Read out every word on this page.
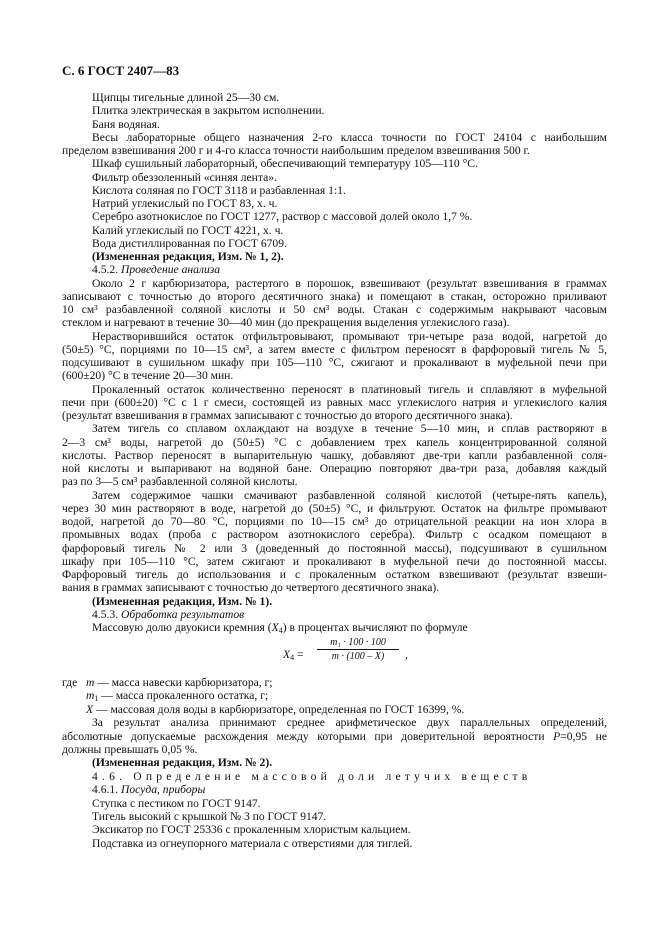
С. 6 ГОСТ 2407—83
Щипцы тигельные длиной 25—30 см.
Плитка электрическая в закрытом исполнении.
Баня водяная.
Весы лабораторные общего назначения 2-го класса точности по ГОСТ 24104 с наибольшим
пределом взвешивания 200 г и 4-го класса точности наибольшим пределом взвешивания 500 г.
Шкаф сушильный лабораторный, обеспечивающий температуру 105—110 °С.
Фильтр обеззоленный «синяя лента».
Кислота соляная по ГОСТ 3118 и разбавленная 1:1.
Натрий углекислый по ГОСТ 83, х. ч.
Серебро азотнокислое по ГОСТ 1277, раствор с массовой долей около 1,7 %.
Калий углекислый по ГОСТ 4221, х. ч.
Вода дистиллированная по ГОСТ 6709.
(Измененная редакция, Изм. № 1, 2).
4.5.2. Проведение анализа
Около 2 г карбюризатора, растертого в порошок, взвешивают (результат взвешивания в граммах
записывают с точностью до второго десятичного знака) и помещают в стакан, осторожно приливают
10 см³ разбавленной соляной кислоты и 50 см³ воды. Стакан с содержимым накрывают часовым
стеклом и нагревают в течение 30—40 мин (до прекращения выделения углекислого газа).
Нерастворившийся остаток отфильтровывают, промывают три-четыре раза водой, нагретой до
(50±5) °С, порциями по 10—15 см³, а затем вместе с фильтром переносят в фарфоровый тигель № 5,
подсушивают в сушильном шкафу при 105—110 °С, сжигают и прокаливают в муфельной печи при
(600±20) °С в течение 20—30 мин.
Прокаленный остаток количественно переносят в платиновый тигель и сплавляют в муфельной
печи при (600±20) °С с 1 г смеси, состоящей из равных масс углекислого натрия и углекислого калия
(результат взвешивания в граммах записывают с точностью до второго десятичного знака).
Затем тигель со сплавом охлаждают на воздухе в течение 5—10 мин, и сплав растворяют в
2—3 см³ воды, нагретой до (50±5) °С с добавлением трех капель концентрированной соляной
кислоты. Раствор переносят в выпарительную чашку, добавляют две-три капли разбавленной соля-
ной кислоты и выпаривают на водяной бане. Операцию повторяют два-три раза, добавляя каждый
раз по 3—5 см³ разбавленной соляной кислоты.
Затем содержимое чашки смачивают разбавленной соляной кислотой (четыре-пять капель),
через 30 мин растворяют в воде, нагретой до (50±5) °С, и фильтруют. Остаток на фильтре промывают
водой, нагретой до 70—80 °С, порциями по 10—15 см³ до отрицательной реакции на ион хлора в
промывных водах (проба с раствором азотнокислого серебра). Фильтр с осадком помещают в
фарфоровый тигель № 2 или 3 (доведенный до постоянной массы), подсушивают в сушильном
шкафу при 105—110 °С, затем сжигают и прокаливают в муфельной печи до постоянной массы.
Фарфоровый тигель до использования и с прокаленным остатком взвешивают (результат взвеши-
вания в граммах записывают с точностью до четвертого десятичного знака).
(Измененная редакция, Изм. № 1).
4.5.3. Обработка результатов
Массовую долю двуокиси кремния $(X_4)$ в процентах вычисляют по формуле
$X_4 = \frac{\text{m₁ · 100 · 100}}{m \cdot (100 - X)}$ ,
где m — масса навески карбюризатора, г;
$m_1$ — масса прокаленного остатка, г;
X — массовая доля воды в карбюризаторе, определенная по ГОСТ 16399, %.
За результат анализа принимают среднее арифметическое двух параллельных определений,
абсолютные допускаемые расхождения между которыми при доверительной вероятности P=0,95 не
должны превышать 0,05 %.
(Измененная редакция, Изм. № 2).
4.6. Определение массовой доли летучих веществ
4.6.1. Посуда, приборы
Ступка с пестиком по ГОСТ 9147.
Тигель высокий с крышкой № 3 по ГОСТ 9147.
Эксикатор по ГОСТ 25336 с прокаленным хлористым кальцием.
Подставка из огнеупорного материала с отверстиями для тиглей.
